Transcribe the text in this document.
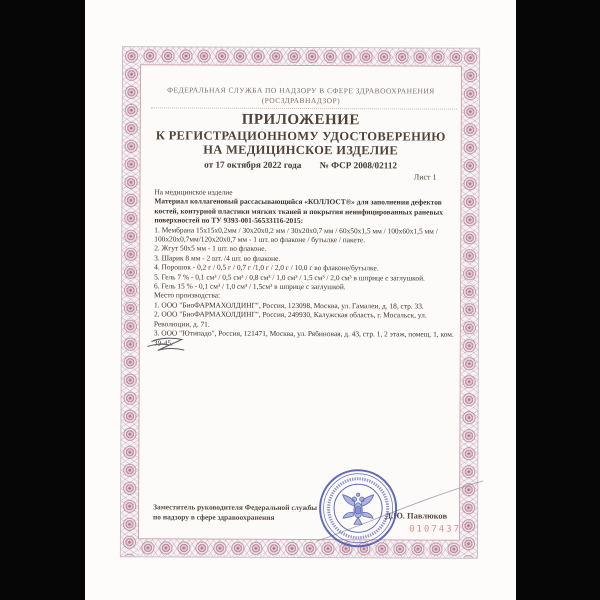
ФЕДЕРАЛЬНАЯ СЛУЖБА ПО НАДЗОРУ В СФЕРЕ ЗДРАВООХРАНЕНИЯ
(РОСЗДРАВНАДЗОР)
ПРИЛОЖЕНИЕ
К РЕГИСТРАЦИОННОМУ УДОСТОВЕРЕНИЮ
НА МЕДИЦИНСКОЕ ИЗДЕЛИЕ
от 17 октября 2022 года № ФСР 2008/02112
Лист 1
На медицинское изделие
Материал коллагеновый рассасывающийся «КОЛЛОСТ®» для заполнения дефектов костей, контурной пластики мягких тканей и покрытия неинфицированных раневых поверхностей по ТУ 9393-001-56533116-2015:
1. Мембрана 15х15х0,2мм / 30х20х0,2 мм / 30х20х0,7 мм / 60х50х1,5 мм / 100х60х1,5 мм / 100х20х0,7мм/120х20х0,7 мм - 1 шт. во флаконе / бутылке / пакете.
2. Жгут 50х5 мм - 1 шт. во флаконе.
3. Шарик 8 мм - 2 шт. /4 шт. во флаконе.
4. Порошок - 0,2 г / 0,5 г / 0,7 г /1,0 г / 2,0 г / 10,0 г во флаконе/бутылке.
5. Гель 7 % - 0,1 см³ / 0,5 см³ / 0,8 см³ / 1,0 см³ / 1,5 см³ / 2,0 см³ в шприце с заглушкой.
6. Гель 15 % - 0,1 см³ / 1,0 см³ / 1,5см³ в шприце с заглушкой.
Место производства:
1. ООО "БиоФАРМАХОЛДИНГ", Россия, 123098, Москва, ул. Гамалеи, д. 18, стр. 33.
2. ООО "БиоФАРМАХОЛДИНГ", Россия, 249930, Калужская область, г. Мосальск, ул. Революции, д. 71.
3. ООО "Ютипадо", Россия, 121471, Москва, ул. Рябиновая, д. 43, стр. 1, 2 этаж, помещ. 1, ком. 39-45.
Заместитель руководителя Федеральной службы
по надзору в сфере здравоохранения	Д.Ю. Павлюков
0107437
